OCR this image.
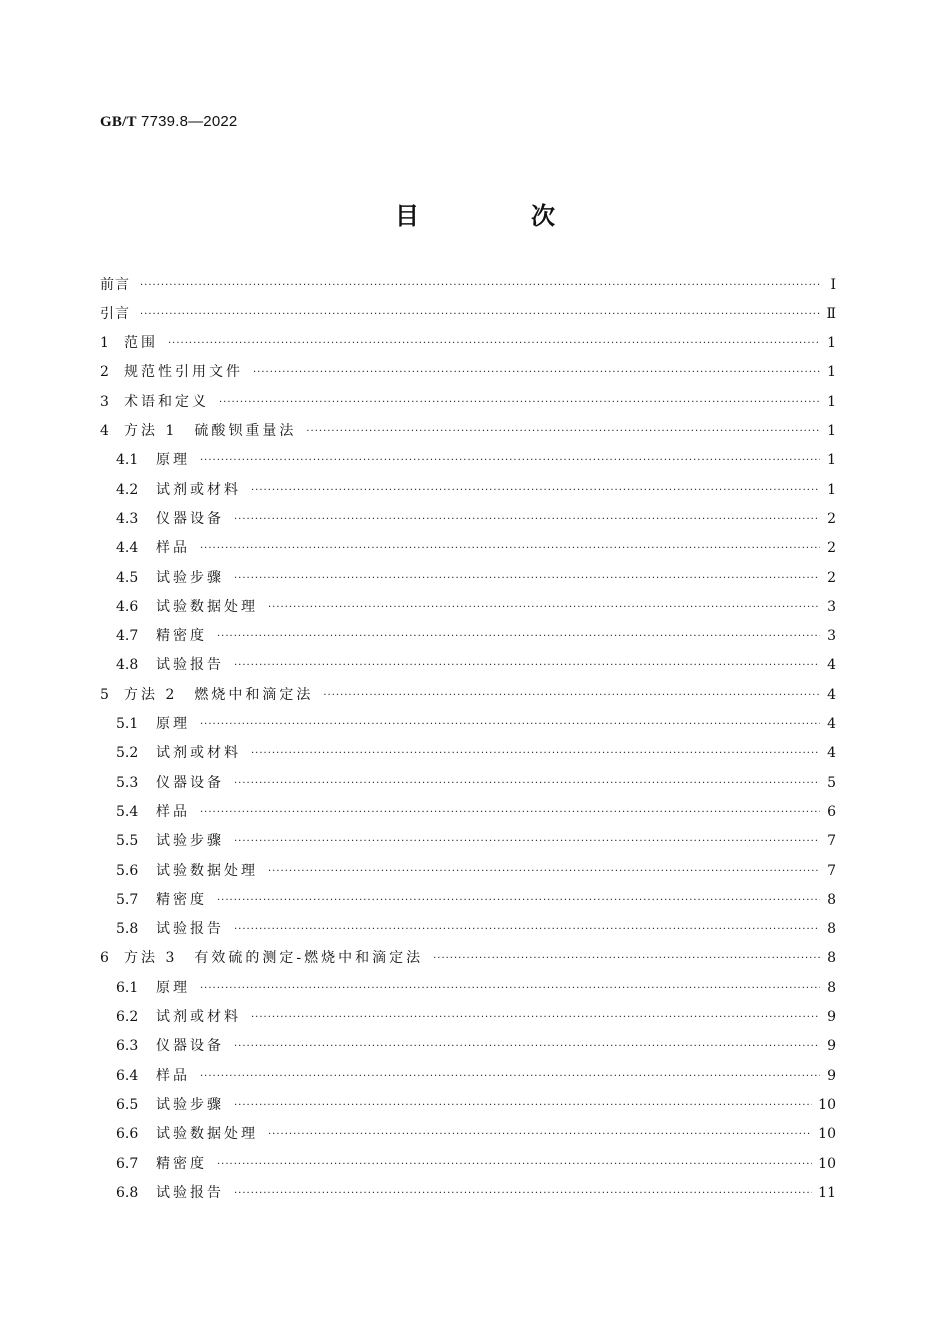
GB/T 7739.8—2022
目　次
前言 ·····	Ⅰ
引言 ·····	Ⅱ
1	范围 ·····	1
2	规范性引用文件 ·····	1
3	术语和定义 ·····	1
4	方法 1　硫酸钡重量法 ·····	1
4.1	原理 ·····	1
4.2	试剂或材料 ·····	1
4.3	仪器设备 ·····	2
4.4	样品 ·····	2
4.5	试验步骤 ·····	2
4.6	试验数据处理 ·····	3
4.7	精密度 ·····	3
4.8	试验报告 ·····	4
5	方法 2　燃烧中和滴定法 ·····	4
5.1	原理 ·····	4
5.2	试剂或材料 ·····	4
5.3	仪器设备 ·····	5
5.4	样品 ·····	6
5.5	试验步骤 ·····	7
5.6	试验数据处理 ·····	7
5.7	精密度 ·····	8
5.8	试验报告 ·····	8
6	方法 3　有效硫的测定-燃烧中和滴定法 ·····	8
6.1	原理 ·····	8
6.2	试剂或材料 ·····	9
6.3	仪器设备 ·····	9
6.4	样品 ·····	9
6.5	试验步骤 ·····	10
6.6	试验数据处理 ·····	10
6.7	精密度 ·····	10
6.8	试验报告 ·····	11
